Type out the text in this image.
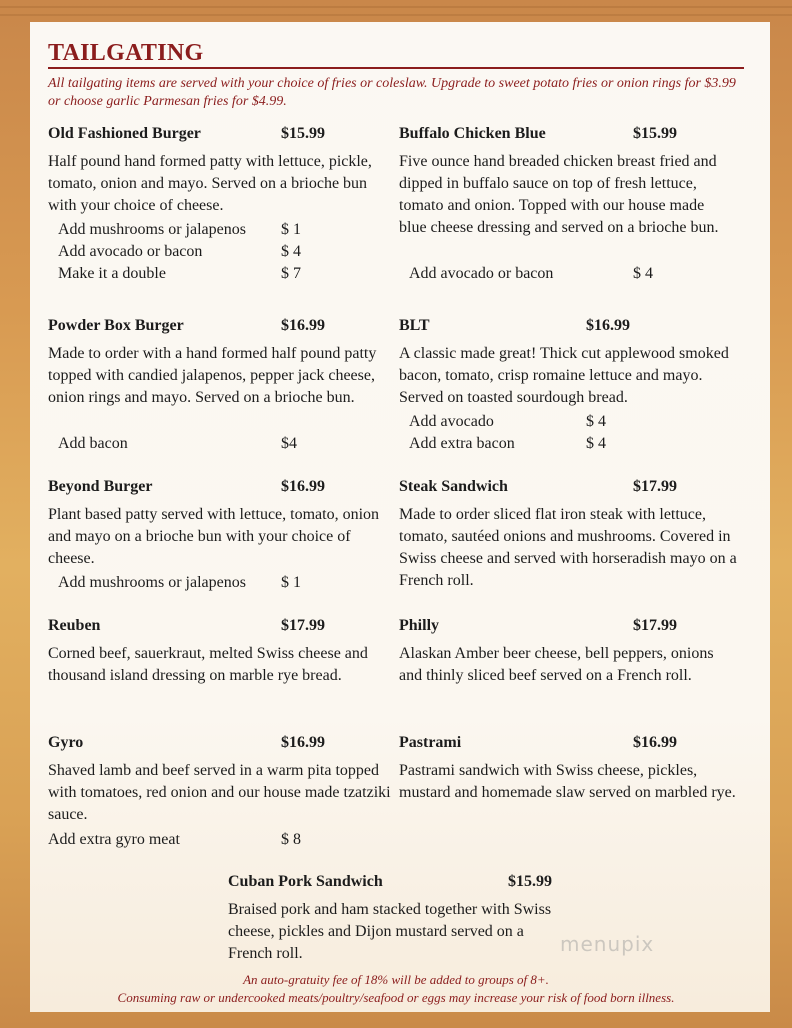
TAILGATING
All tailgating items are served with your choice of fries or coleslaw. Upgrade to sweet potato fries or onion rings for $3.99 or choose garlic Parmesan fries for $4.99.
Old Fashioned Burger	$15.99
Half pound hand formed patty with lettuce, pickle, tomato, onion and mayo. Served on a brioche bun with your choice of cheese.
Add mushrooms or jalapenos $ 1
Add avocado or bacon	$ 4
Make it a double	$ 7
Powder Box Burger	$16.99
Made to order with a hand formed half pound patty topped with candied jalapenos, pepper jack cheese, onion rings and mayo. Served on a brioche bun.
Add bacon	$4
Beyond Burger	$16.99
Plant based patty served with lettuce, tomato, onion and mayo on a brioche bun with your choice of cheese.
Add mushrooms or jalapenos $ 1
Reuben	$17.99
Corned beef, sauerkraut, melted Swiss cheese and thousand island dressing on marble rye bread.
Gyro	$16.99
Shaved lamb and beef served in a warm pita topped with tomatoes, red onion and our house made tzatziki sauce.
Add extra gyro meat	$ 8
Buffalo Chicken Blue	$15.99
Five ounce hand breaded chicken breast fried and dipped in buffalo sauce on top of fresh lettuce, tomato and onion. Topped with our house made blue cheese dressing and served on a brioche bun.
Add avocado or bacon	$ 4
BLT	$16.99
A classic made great! Thick cut applewood smoked bacon, tomato, crisp romaine lettuce and mayo. Served on toasted sourdough bread.
Add avocado	$ 4
Add extra bacon	$ 4
Steak Sandwich	$17.99
Made to order sliced flat iron steak with lettuce, tomato, sautéed onions and mushrooms. Covered in Swiss cheese and served with horseradish mayo on a French roll.
Philly	$17.99
Alaskan Amber beer cheese, bell peppers, onions and thinly sliced beef served on a French roll.
Pastrami	$16.99
Pastrami sandwich with Swiss cheese, pickles, mustard and homemade slaw served on marbled rye.
Cuban Pork Sandwich	$15.99
Braised pork and ham stacked together with Swiss cheese, pickles and Dijon mustard served on a French roll.	menupix
An auto-gratuity fee of 18% will be added to groups of 8+.
Consuming raw or undercooked meats/poultry/seafood or eggs may increase your risk of food born illness.
